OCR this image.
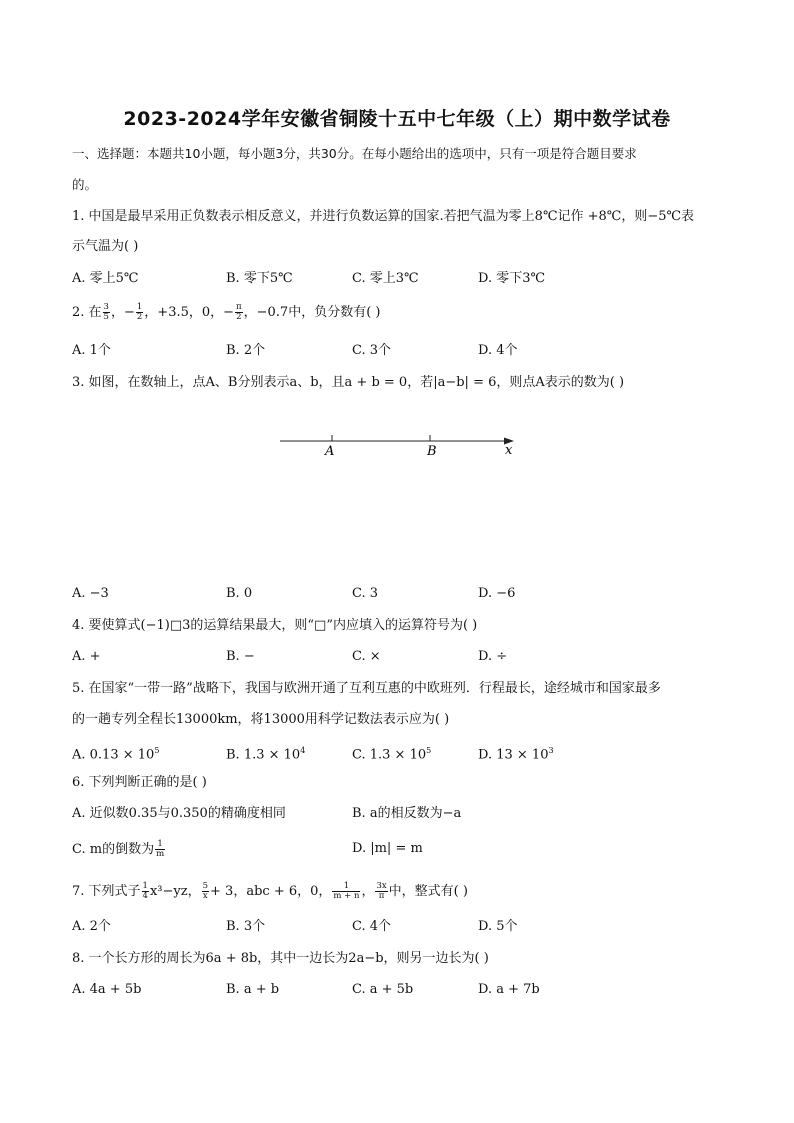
2023-2024学年安徽省铜陵十五中七年级（上）期中数学试卷
一、选择题：本题共10小题，每小题3分，共30分。在每小题给出的选项中，只有一项是符合题目要求
的。
1. 中国是最早采用正负数表示相反意义，并进行负数运算的国家.若把气温为零上8℃记作 +8℃，则−5℃表
示气温为( )
A. 零上5℃	B. 零下5℃	C. 零上3℃	D. 零下3℃
2. 在 $\frac{3}{5}$ ，− $\frac{1}{2}$ ，+3.5，0，− $\frac{\pi}{2}$ ，−0.7中，负分数有( )
A. 1个	B. 2个	C. 3个	D. 4个
3. 如图，在数轴上，点A、B分别表示a、b，且a + b = 0，若|a−b| = 6，则点A表示的数为( )
A	B	x
A. −3	B. 0	C. 3	D. −6
4. 要使算式(−1)□3的运算结果最大，则“□”内应填入的运算符号为( )
A. +	B. −	C. ×	D. ÷
5. 在国家“一带一路”战略下，我国与欧洲开通了互利互惠的中欧班列．行程最长，途经城市和国家最多
的一趟专列全程长13000km，将13000用科学记数法表示应为( )
A. $0.13 \times 10^5$	B. $1.3 \times 10^4$	C. $1.3 \times 10^5$	D. $13 \times 10^3$
6. 下列判断正确的是( )
A. 近似数0.35与0.350的精确度相同	B. a的相反数为−a
C. m的倒数为 $\frac{1}{m}$	D. |m| = m
7. 下列式子 $\frac{1}{4} x^3-yz$， $\frac{5}{x} + 3$，abc + 6，0， $\frac{1}{m + n}$ ， $\frac{3x}{\pi}$ 中，整式有( )
A. 2个	B. 3个	C. 4个	D. 5个
8. 一个长方形的周长为6a + 8b，其中一边长为2a−b，则另一边长为( )
A. 4a + 5b	B. a + b	C. a + 5b	D. a + 7b
